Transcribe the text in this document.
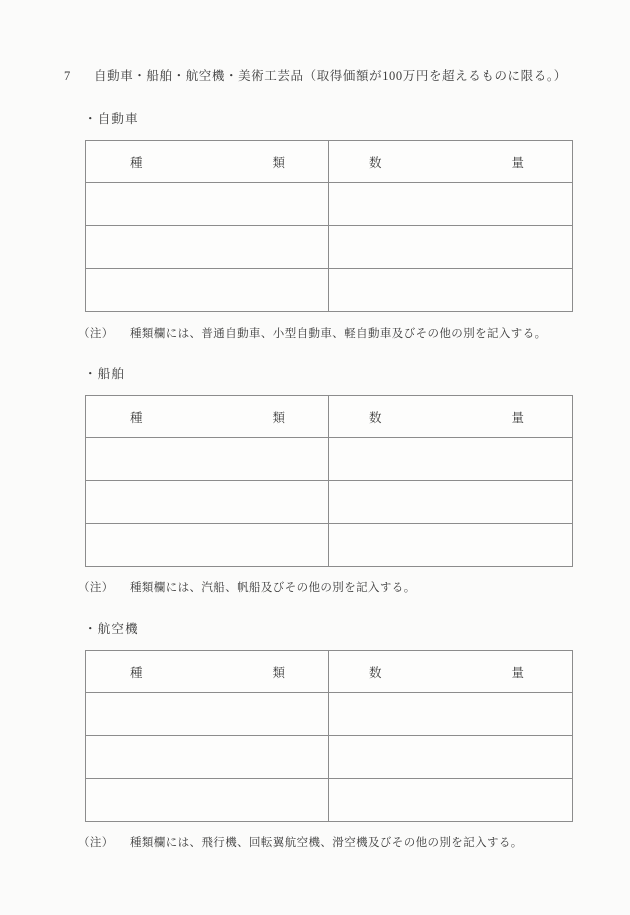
7 自動車・船舶・航空機・美術工芸品（取得価額が100万円を超えるものに限る。）
・自動車
種 類	数 量

（注） 種類欄には、普通自動車、小型自動車、軽自動車及びその他の別を記入する。
・船舶
種 類	数 量

（注） 種類欄には、汽船、帆船及びその他の別を記入する。
・航空機
種 類	数 量

（注） 種類欄には、飛行機、回転翼航空機、滑空機及びその他の別を記入する。
